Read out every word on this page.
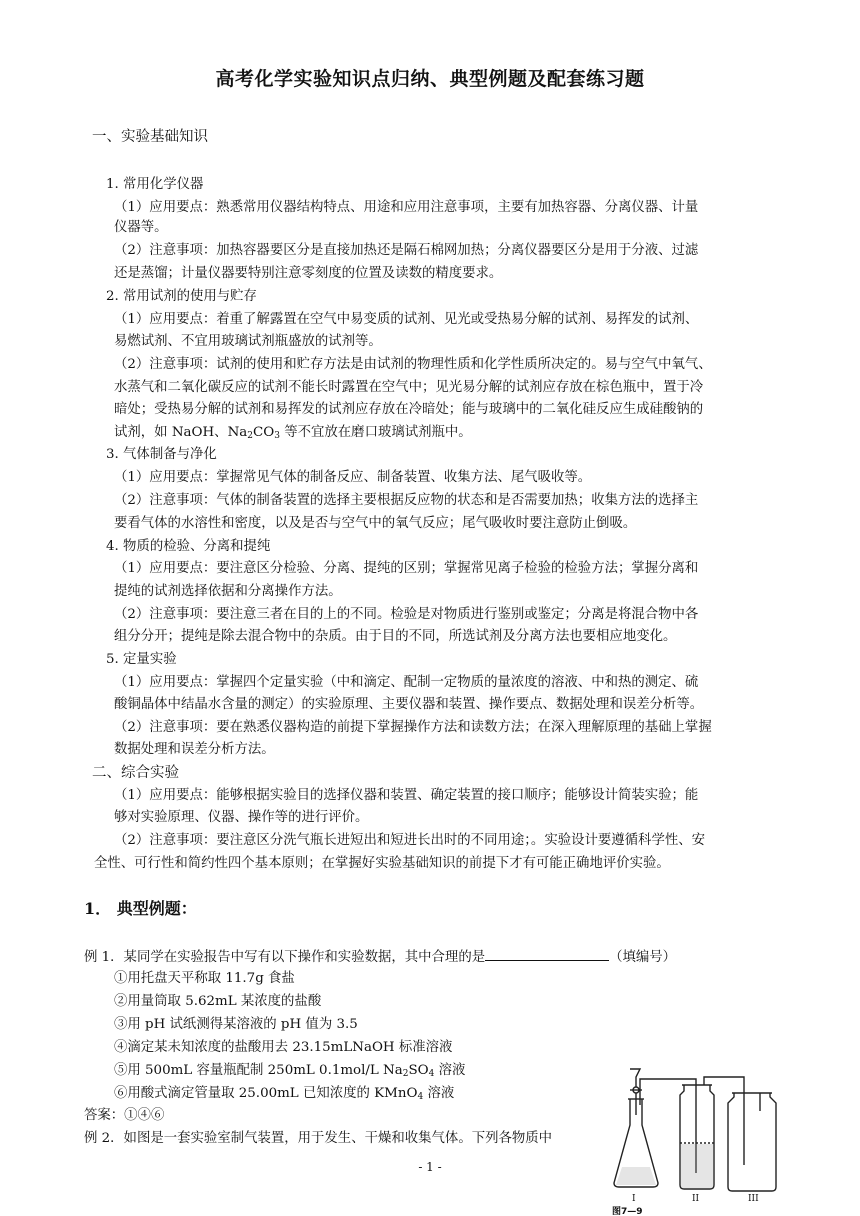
高考化学实验知识点归纳、典型例题及配套练习题
一、实验基础知识
1. 常用化学仪器
（1）应用要点：熟悉常用仪器结构特点、用途和应用注意事项，主要有加热容器、分离仪器、计量
仪器等。
（2）注意事项：加热容器要区分是直接加热还是隔石棉网加热；分离仪器要区分是用于分液、过滤
还是蒸馏；计量仪器要特别注意零刻度的位置及读数的精度要求。
2. 常用试剂的使用与贮存
（1）应用要点：着重了解露置在空气中易变质的试剂、见光或受热易分解的试剂、易挥发的试剂、
易燃试剂、不宜用玻璃试剂瓶盛放的试剂等。
（2）注意事项：试剂的使用和贮存方法是由试剂的物理性质和化学性质所决定的。易与空气中氧气、
水蒸气和二氧化碳反应的试剂不能长时露置在空气中；见光易分解的试剂应存放在棕色瓶中，置于冷
暗处；受热易分解的试剂和易挥发的试剂应存放在冷暗处；能与玻璃中的二氧化硅反应生成硅酸钠的
试剂，如 NaOH、$Na_2CO_3$ 等不宜放在磨口玻璃试剂瓶中。
3. 气体制备与净化
（1）应用要点：掌握常见气体的制备反应、制备装置、收集方法、尾气吸收等。
（2）注意事项：气体的制备装置的选择主要根据反应物的状态和是否需要加热；收集方法的选择主
要看气体的水溶性和密度，以及是否与空气中的氧气反应；尾气吸收时要注意防止倒吸。
4. 物质的检验、分离和提纯
（1）应用要点：要注意区分检验、分离、提纯的区别；掌握常见离子检验的检验方法；掌握分离和
提纯的试剂选择依据和分离操作方法。
（2）注意事项：要注意三者在目的上的不同。检验是对物质进行鉴别或鉴定；分离是将混合物中各
组分分开；提纯是除去混合物中的杂质。由于目的不同，所选试剂及分离方法也要相应地变化。
5. 定量实验
（1）应用要点：掌握四个定量实验（中和滴定、配制一定物质的量浓度的溶液、中和热的测定、硫
酸铜晶体中结晶水含量的测定）的实验原理、主要仪器和装置、操作要点、数据处理和误差分析等。
（2）注意事项：要在熟悉仪器构造的前提下掌握操作方法和读数方法；在深入理解原理的基础上掌握
数据处理和误差分析方法。
二、综合实验
（1）应用要点：能够根据实验目的选择仪器和装置、确定装置的接口顺序；能够设计简装实验；能
够对实验原理、仪器、操作等的进行评价。
（2）注意事项：要注意区分洗气瓶长进短出和短进长出时的不同用途；。实验设计要遵循科学性、安
全性、可行性和简约性四个基本原则；在掌握好实验基础知识的前提下才有可能正确地评价实验。
1． 典型例题：
例 1．某同学在实验报告中写有以下操作和实验数据，其中合理的是	（填编号）
①用托盘天平称取 11.7g 食盐
②用量筒取 5.62mL 某浓度的盐酸
③用 pH 试纸测得某溶液的 pH 值为 3.5
④滴定某未知浓度的盐酸用去 23.15mLNaOH 标准溶液
⑤用 500mL 容量瓶配制 250mL 0.1mol/L $Na_2SO_4$ 溶液
⑥用酸式滴定管量取 25.00mL 已知浓度的 KMnO$_4$ 溶液
答案：①④⑥
例 2．如图是一套实验室制气装置，用于发生、干燥和收集气体。下列各物质中
- 1 -
I	II	III
图7—9
